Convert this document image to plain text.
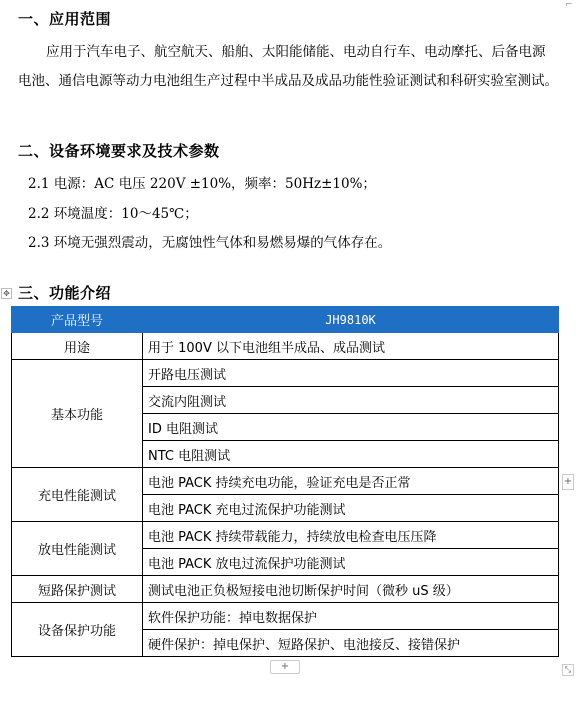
⌐
一、应用范围
应用于汽车电子、航空航天、船舶、太阳能储能、电动自行车、电动摩托、后备电源电池、通信电源等动力电池组生产过程中半成品及成品功能性验证测试和科研实验室测试。
二、设备环境要求及技术参数
2.1 电源：AC 电压 220V ±10%，频率：50Hz±10%；
2.2 环境温度：10～45℃；
2.3 环境无强烈震动，无腐蚀性气体和易燃易爆的气体存在。
✥ 三、功能介绍
产品型号	JH9810K
用途	用于 100V 以下电池组半成品、成品测试
基本功能	开路电压测试
	交流内阻测试
	ID 电阻测试
	NTC 电阻测试
充电性能测试	电池 PACK 持续充电功能，验证充电是否正常
	电池 PACK 充电过流保护功能测试
放电性能测试	电池 PACK 持续带载能力，持续放电检查电压压降
	电池 PACK 放电过流保护功能测试
短路保护测试	测试电池正负极短接电池切断保护时间（微秒 uS 级）
设备保护功能	软件保护功能：掉电数据保护
	硬件保护：掉电保护、短路保护、电池接反、接错保护
+
+	⤡
